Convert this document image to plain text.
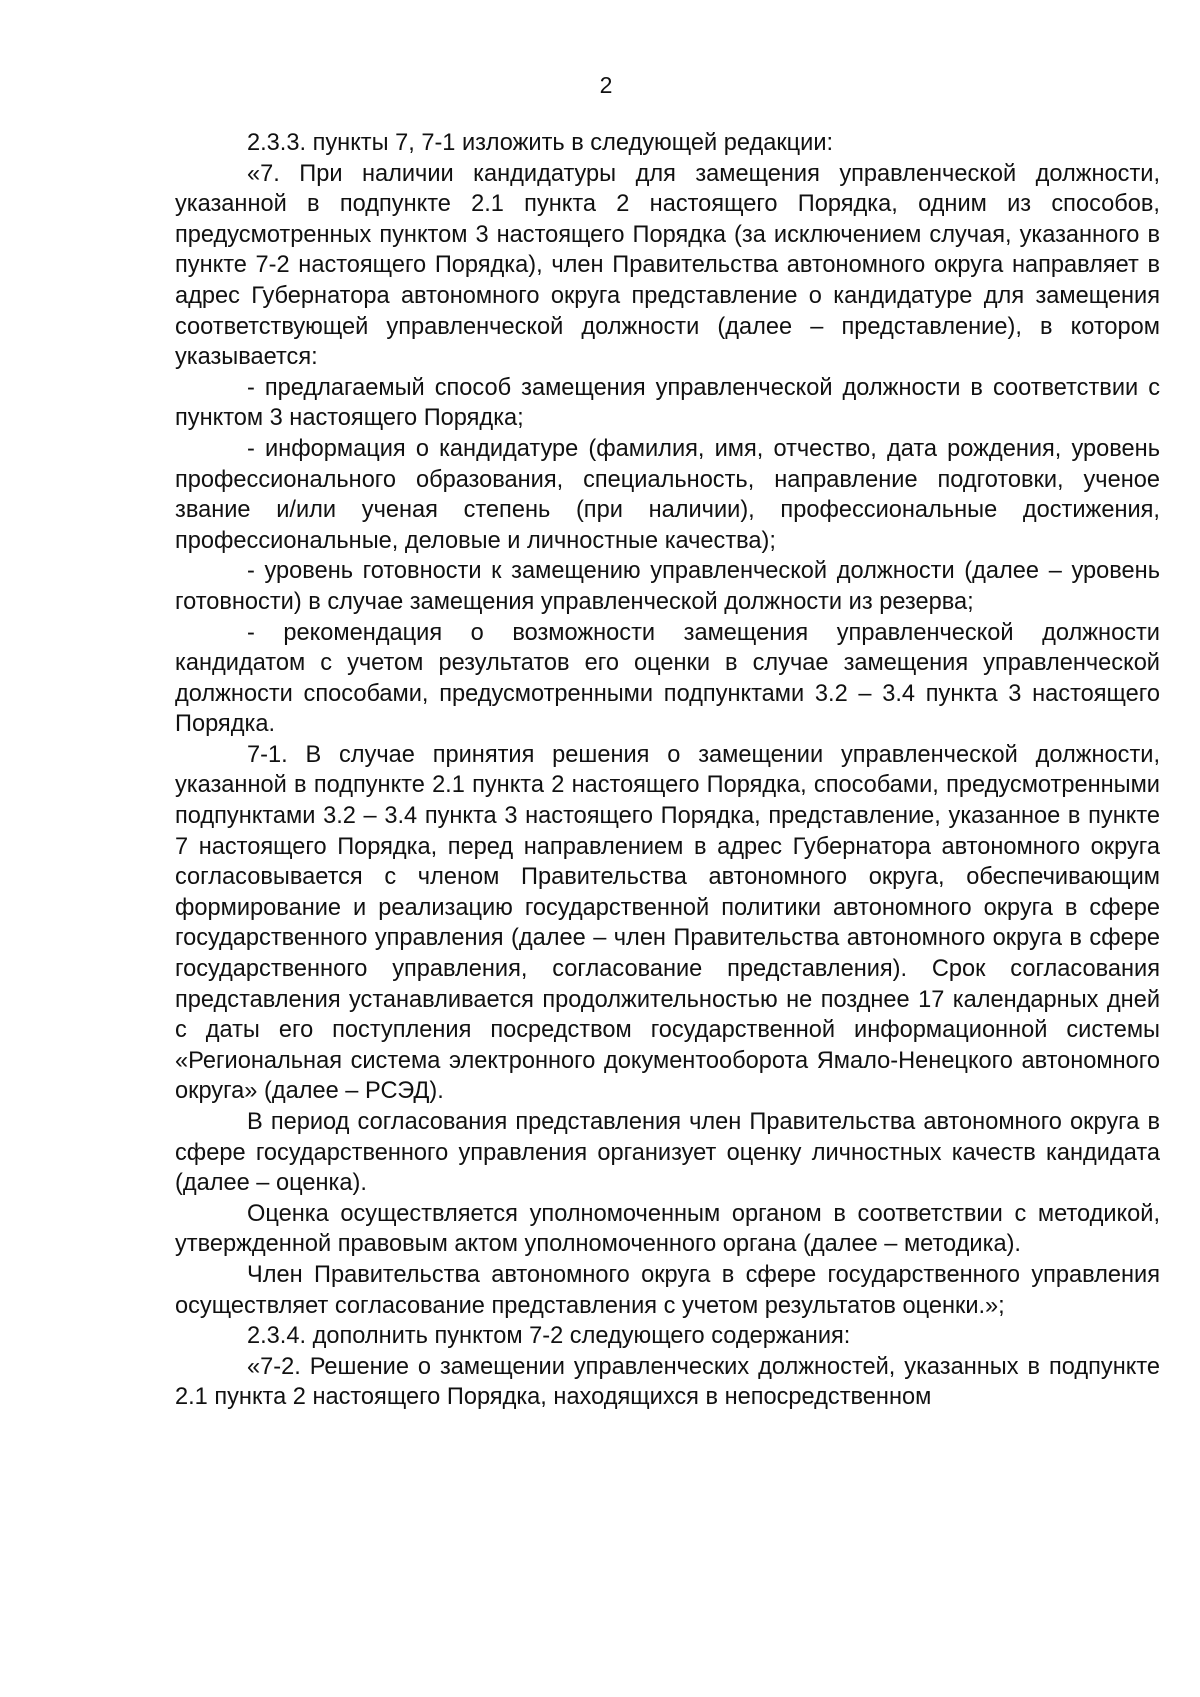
2

2.3.3. пункты 7, 7-1 изложить в следующей редакции:

«7. При наличии кандидатуры для замещения управленческой должности, указанной в подпункте 2.1 пункта 2 настоящего Порядка, одним из способов, предусмотренных пунктом 3 настоящего Порядка (за исключением случая, указанного в пункте 7-2 настоящего Порядка), член Правительства автономного округа направляет в адрес Губернатора автономного округа представление о кандидатуре для замещения соответствующей управленческой должности (далее – представление), в котором указывается:

- предлагаемый способ замещения управленческой должности в соответствии с пунктом 3 настоящего Порядка;

- информация о кандидатуре (фамилия, имя, отчество, дата рождения, уровень профессионального образования, специальность, направление подготовки, ученое звание и/или ученая степень (при наличии), профессиональные достижения, профессиональные, деловые и личностные качества);

- уровень готовности к замещению управленческой должности (далее – уровень готовности) в случае замещения управленческой должности из резерва;

- рекомендация о возможности замещения управленческой должности кандидатом с учетом результатов его оценки в случае замещения управленческой должности способами, предусмотренными подпунктами 3.2 – 3.4 пункта 3 настоящего Порядка.

7-1. В случае принятия решения о замещении управленческой должности, указанной в подпункте 2.1 пункта 2 настоящего Порядка, способами, предусмотренными подпунктами 3.2 – 3.4 пункта 3 настоящего Порядка, представление, указанное в пункте 7 настоящего Порядка, перед направлением в адрес Губернатора автономного округа согласовывается с членом Правительства автономного округа, обеспечивающим формирование и реализацию государственной политики автономного округа в сфере государственного управления (далее – член Правительства автономного округа в сфере государственного управления, согласование представления). Срок согласования представления устанавливается продолжительностью не позднее 17 календарных дней с даты его поступления посредством государственной информационной системы «Региональная система электронного документооборота Ямало-Ненецкого автономного округа» (далее – РСЭД).

В период согласования представления член Правительства автономного округа в сфере государственного управления организует оценку личностных качеств кандидата (далее – оценка).

Оценка осуществляется уполномоченным органом в соответствии с методикой, утвержденной правовым актом уполномоченного органа (далее – методика).

Член Правительства автономного округа в сфере государственного управления осуществляет согласование представления с учетом результатов оценки.»;

2.3.4. дополнить пунктом 7-2 следующего содержания:

«7-2. Решение о замещении управленческих должностей, указанных в подпункте 2.1 пункта 2 настоящего Порядка, находящихся в непосредственном
